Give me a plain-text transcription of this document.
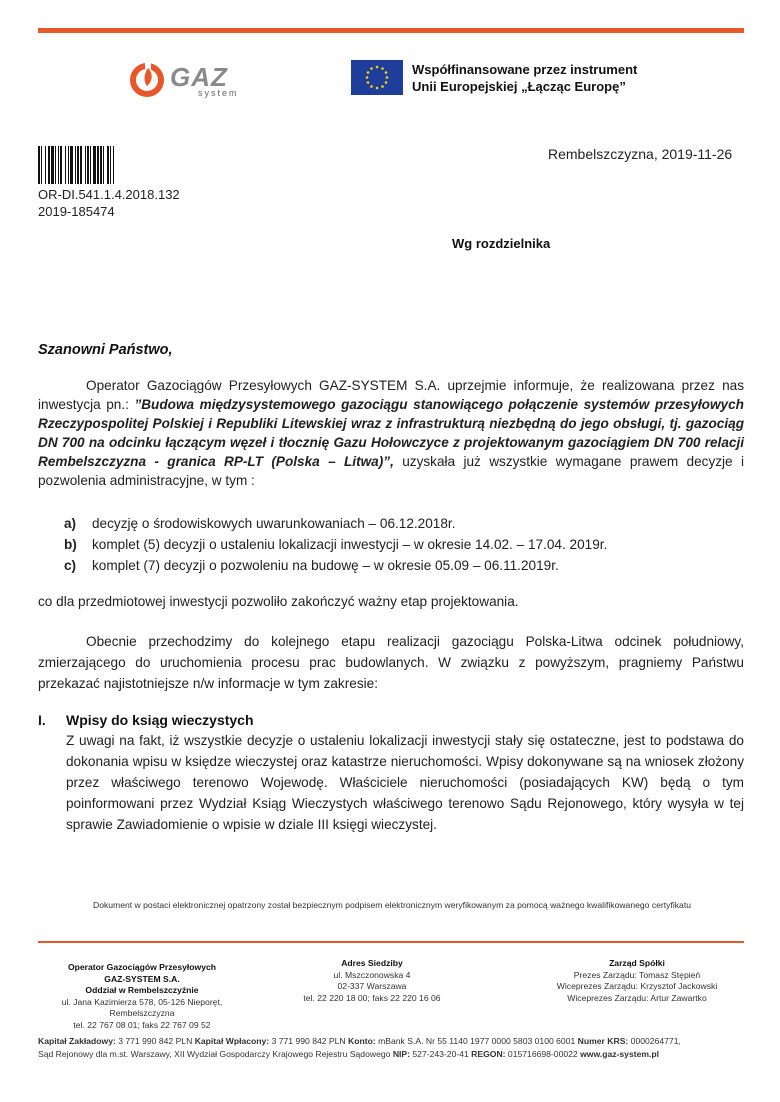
GAZ
system
Współfinansowane przez instrument
Unii Europejskiej „Łącząc Europę”
OR-DI.541.1.4.2018.132
2019-185474
Rembelszczyzna, 2019-11-26
Wg rozdzielnika
Szanowni Państwo,
Operator Gazociągów Przesyłowych GAZ-SYSTEM S.A. uprzejmie informuje, że realizowana przez nas inwestycja pn.: ”Budowa międzysystemowego gazociągu stanowiącego połączenie systemów przesyłowych Rzeczypospolitej Polskiej i Republiki Litewskiej wraz z infrastrukturą niezbędną do jego obsługi, tj. gazociąg DN 700 na odcinku łączącym węzeł i tłocznię Gazu Hołowczyce z projektowanym gazociągiem DN 700 relacji Rembelszczyzna - granica RP-LT (Polska – Litwa)”, uzyskała już wszystkie wymagane prawem decyzje i pozwolenia administracyjne, w tym :
a) decyzję o środowiskowych uwarunkowaniach – 06.12.2018r.
b) komplet (5) decyzji o ustaleniu lokalizacji inwestycji – w okresie 14.02. – 17.04. 2019r.
c) komplet (7) decyzji o pozwoleniu na budowę – w okresie 05.09 – 06.11.2019r.
co dla przedmiotowej inwestycji pozwoliło zakończyć ważny etap projektowania.
Obecnie przechodzimy do kolejnego etapu realizacji gazociągu Polska-Litwa odcinek południowy, zmierzającego do uruchomienia procesu prac budowlanych. W związku z powyższym, pragniemy Państwu przekazać najistotniejsze n/w informacje w tym zakresie:
I. Wpisy do ksiąg wieczystych
Z uwagi na fakt, iż wszystkie decyzje o ustaleniu lokalizacji inwestycji stały się ostateczne, jest to podstawa do dokonania wpisu w księdze wieczystej oraz katastrze nieruchomości. Wpisy dokonywane są na wniosek złożony przez właściwego terenowo Wojewodę. Właściciele nieruchomości (posiadających KW) będą o tym poinformowani przez Wydział Ksiąg Wieczystych właściwego terenowo Sądu Rejonowego, który wysyła w tej sprawie Zawiadomienie o wpisie w dziale III księgi wieczystej.
Dokument w postaci elektronicznej opatrzony został bezpiecznym podpisem elektronicznym weryfikowanym za pomocą ważnego kwalifikowanego certyfikatu
Operator Gazociągów Przesyłowych
GAZ-SYSTEM S.A.
Oddział w Rembelszczyźnie
ul. Jana Kazimierza 578, 05-126 Nieporęt,
Rembelszczyzna
tel. 22 767 08 01; faks 22 767 09 52
Adres Siedziby
ul. Mszczonowska 4
02-337 Warszawa
tel. 22 220 18 00; faks 22 220 16 06
Zarząd Spółki
Prezes Zarządu: Tomasz Stępień
Wiceprezes Zarządu: Krzysztof Jackowski
Wiceprezes Zarządu: Artur Zawartko
Kapitał Zakładowy: 3 771 990 842 PLN Kapitał Wpłacony: 3 771 990 842 PLN Konto: mBank S.A. Nr 55 1140 1977 0000 5803 0100 6001 Numer KRS: 0000264771,
Sąd Rejonowy dla m.st. Warszawy, XII Wydział Gospodarczy Krajowego Rejestru Sądowego NIP: 527-243-20-41 REGON: 015716698-00022 www.gaz-system.pl
